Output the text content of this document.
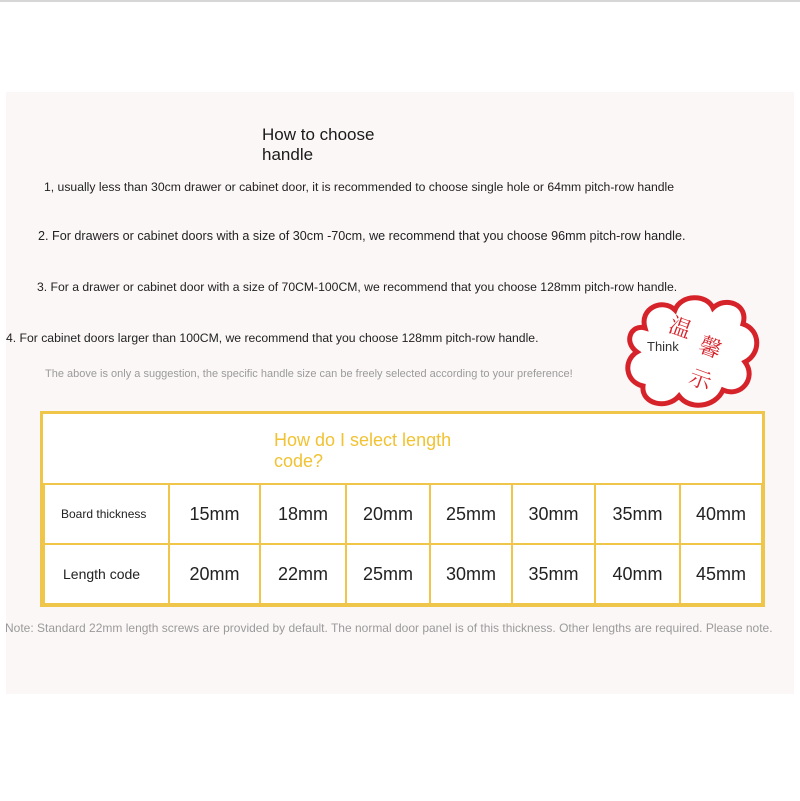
How to choose handle
1, usually less than 30cm drawer or cabinet door, it is recommended to choose single hole or 64mm pitch-row handle
2. For drawers or cabinet doors with a size of 30cm -70cm, we recommend that you choose 96mm pitch-row handle.
3. For a drawer or cabinet door with a size of 70CM-100CM, we recommend that you choose 128mm pitch-row handle.
4. For cabinet doors larger than 100CM, we recommend that you choose 128mm pitch-row handle.
The above is only a suggestion, the specific handle size can be freely selected according to your preference!
温
馨
示
Think
How do I select length code?
Board thickness	15mm	18mm	20mm	25mm	30mm	35mm	40mm
Length code	20mm	22mm	25mm	30mm	35mm	40mm	45mm
Note: Standard 22mm length screws are provided by default. The normal door panel is of this thickness. Other lengths are required. Please note.
